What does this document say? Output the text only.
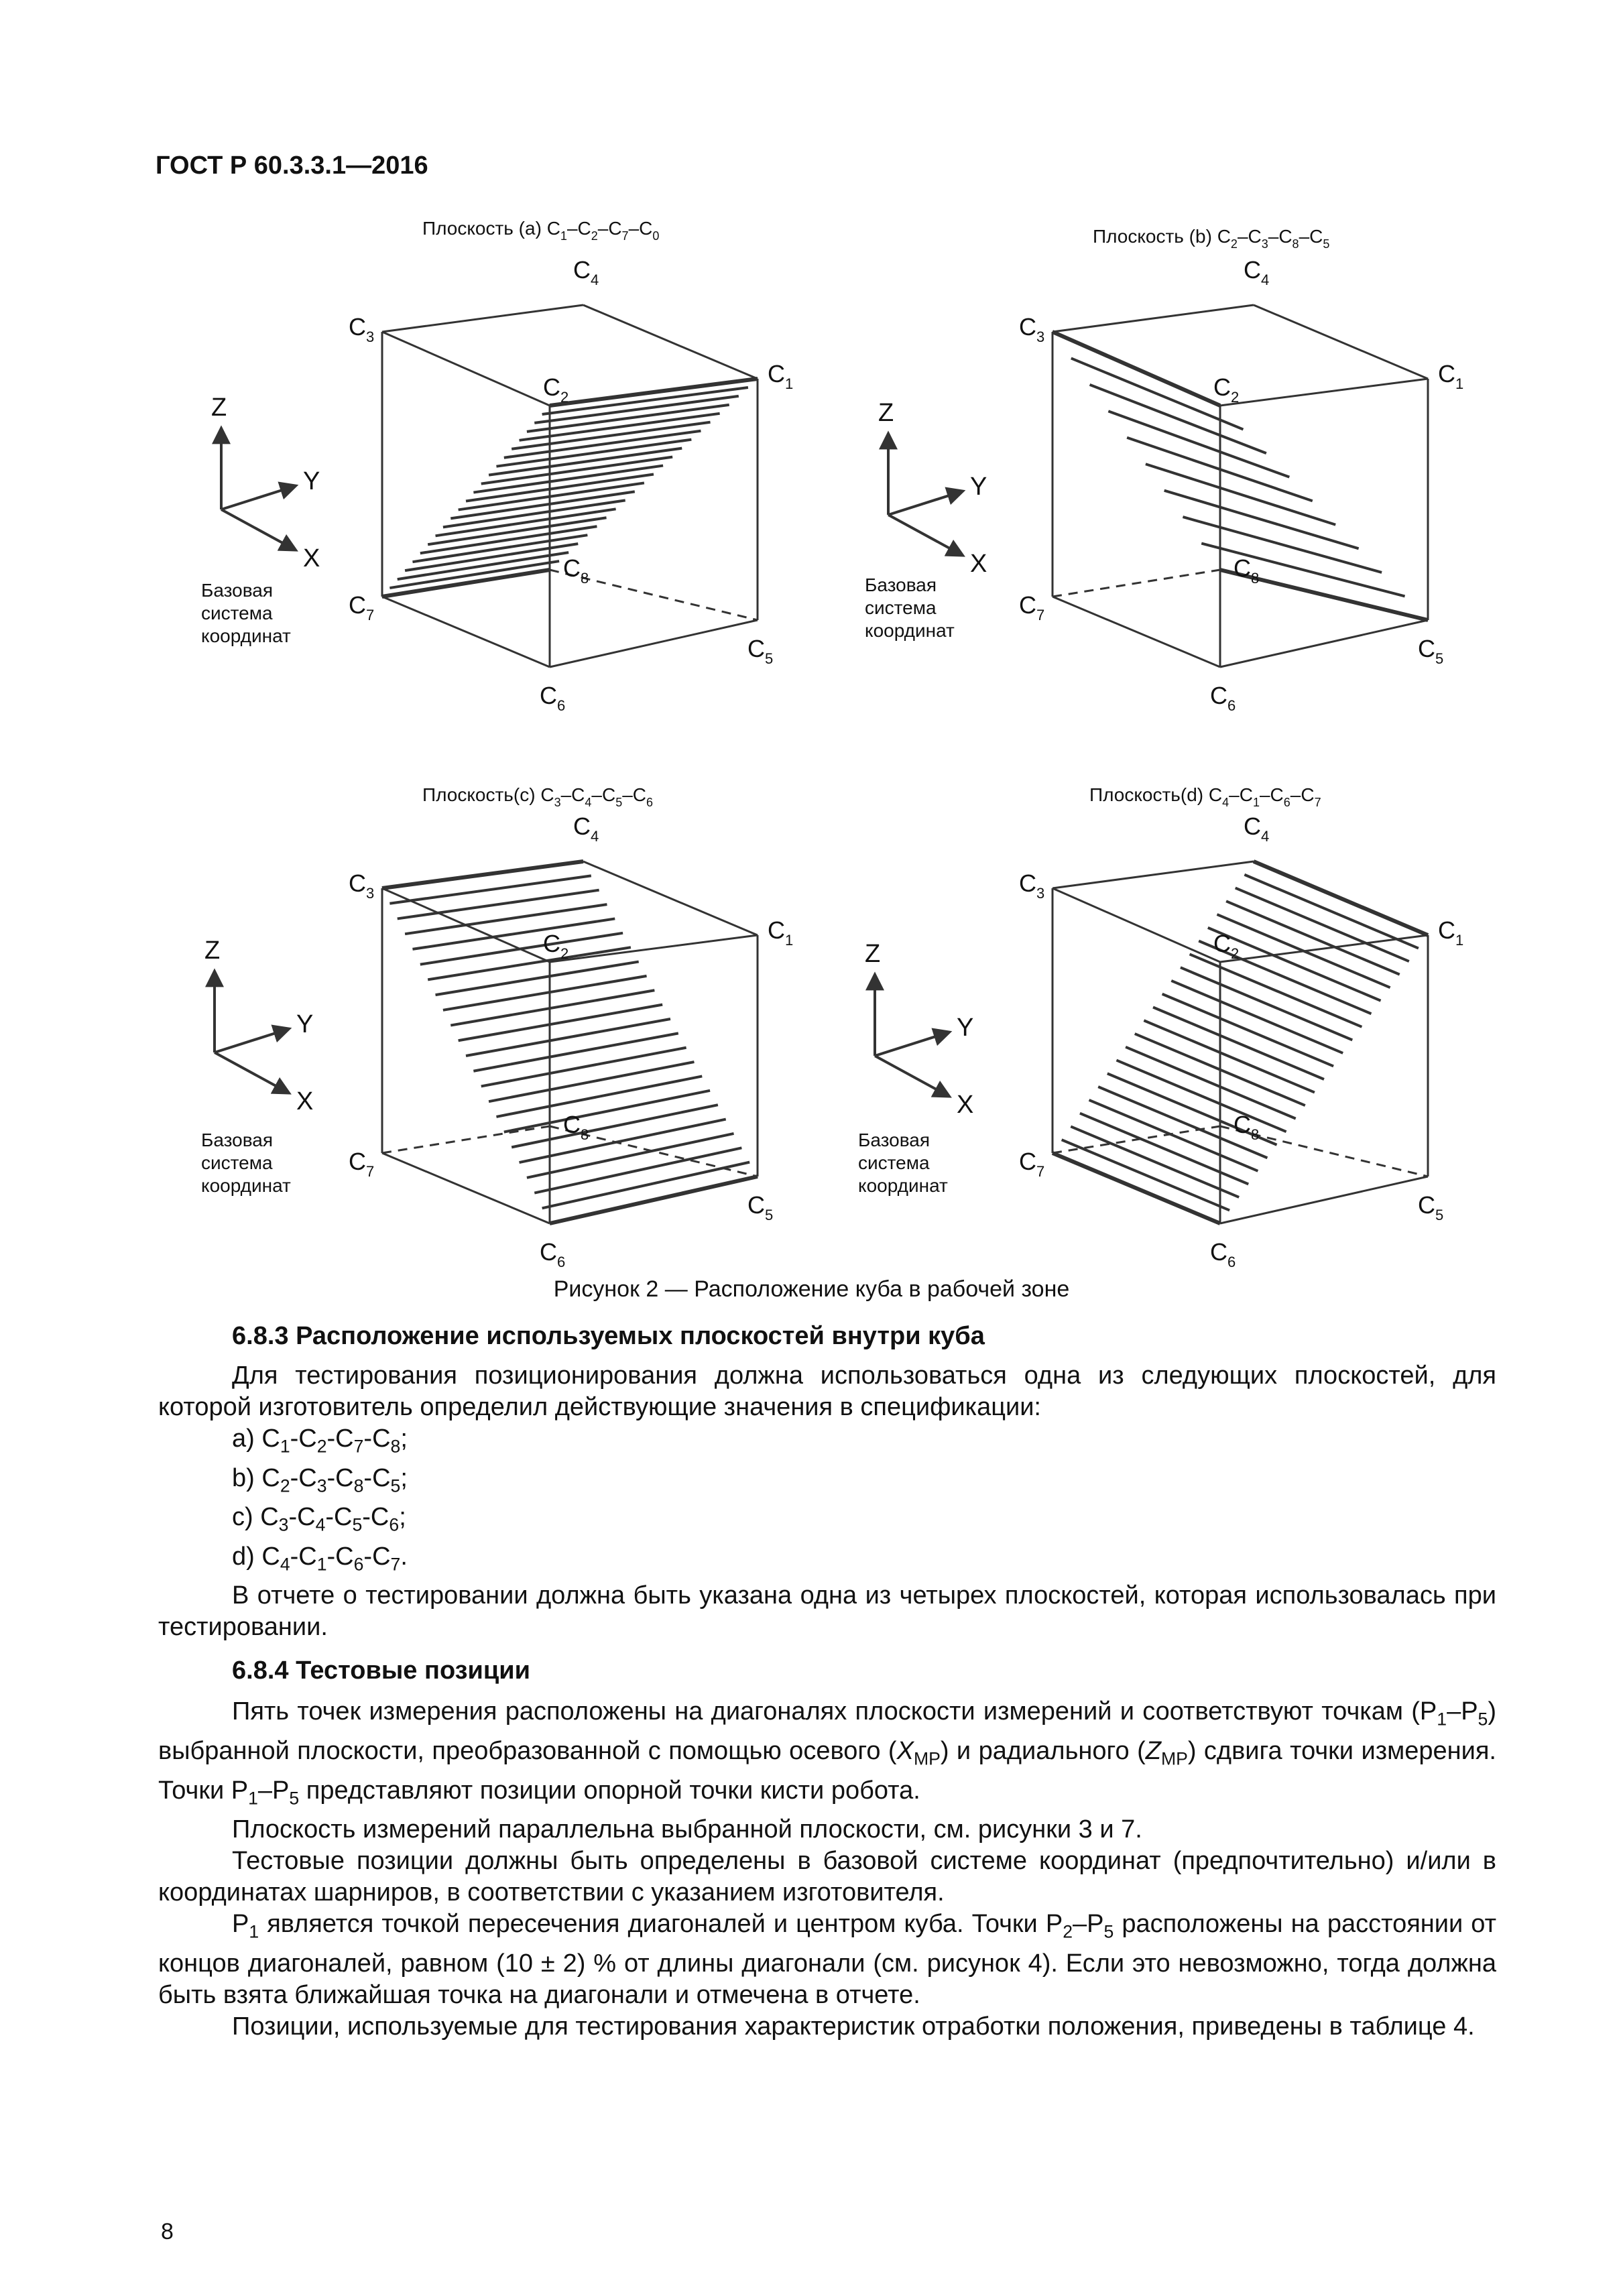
ГОСТ Р 60.3.3.1—2016
Плоскость (a) $C_1-C_2-C_7-C_0$
$C_3$
$C_4$
$C_1$
$C_2$
$C_7$
$C_8$
$C_5$
$C_6$
Z
Y
X
Базовая
система
координат
Плоскость (b) $C_2-C_3-C_8-C_5$
$C_3$
$C_4$
$C_1$
$C_2$
$C_7$
$C_8$
$C_5$
$C_6$
Z
Y
X
Базовая
система
координат
Плоскость(c) $C_3-C_4-C_5-C_6$
$C_3$
$C_4$
$C_1$
$C_2$
$C_7$
$C_8$
$C_5$
$C_6$
Z
Y
X
Базовая
система
координат
Плоскость(d) $C_4-C_1-C_6-C_7$
$C_3$
$C_4$
$C_1$
$C_2$
$C_7$
$C_8$
$C_5$
$C_6$
Z
Y
X
Базовая
система
координат
Рисунок 2 — Расположение куба в рабочей зоне

6.8.3 Расположение используемых плоскостей внутри куба

Для тестирования позиционирования должна использоваться одна из следующих плоскостей, для которой изготовитель определил действующие значения в спецификации:

a) $C_1-C_2-C_7-C_8$;

b) $C_2-C_3-C_8-C_5$;

c) $C_3-C_4-C_5-C_6$;

d) $C_4-C_1-C_6-C_7$.

В отчете о тестировании должна быть указана одна из четырех плоскостей, которая использовалась при тестировании.

6.8.4 Тестовые позиции

Пять точек измерения расположены на диагоналях плоскости измерений и соответствуют точкам $(P_1-P_5)$ выбранной плоскости, преобразованной с помощью осевого $(X_{MP})$ и радиального $(Z_{MP})$ сдвига точки измерения. Точки $P_1-P_5$ представляют позиции опорной точки кисти робота.

Плоскость измерений параллельна выбранной плоскости, см. рисунки 3 и 7.

Тестовые позиции должны быть определены в базовой системе координат (предпочтительно) и/или в координатах шарниров, в соответствии с указанием изготовителя.

$P_1$ является точкой пересечения диагоналей и центром куба. Точки $P_2-P_5$ расположены на расстоянии от концов диагоналей, равном (10 ± 2) % от длины диагонали (см. рисунок 4). Если это невозможно, тогда должна быть взята ближайшая точка на диагонали и отмечена в отчете.

Позиции, используемые для тестирования характеристик отработки положения, приведены в таблице 4.

8
